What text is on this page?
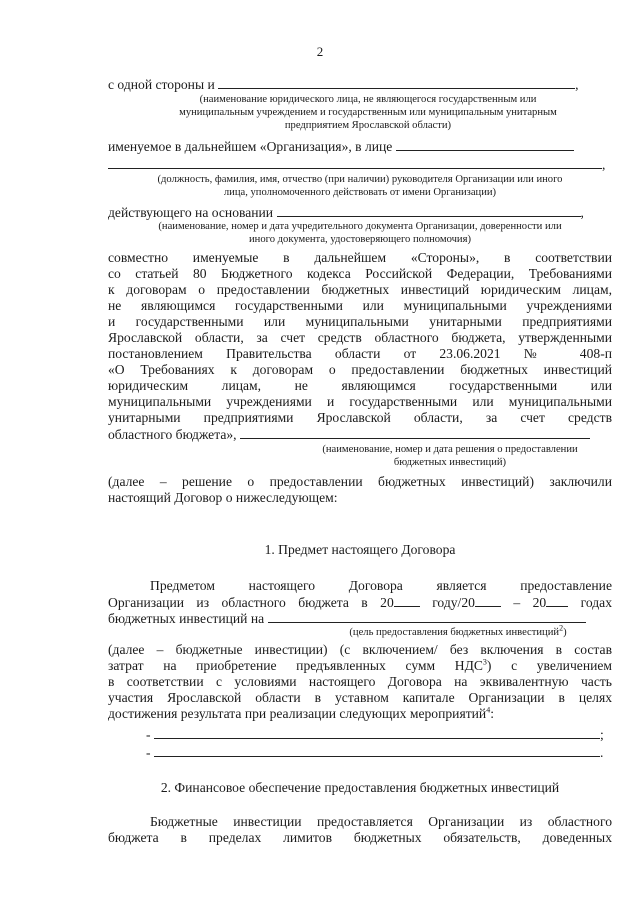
2
с одной стороны и	,
(наименование юридического лица, не являющегося государственным или
муниципальным учреждением и государственным или муниципальным унитарным
предприятием Ярославской области)
именуемое в дальнейшем «Организация», в лице
,
(должность, фамилия, имя, отчество (при наличии) руководителя Организации или иного
лица, уполномоченного действовать от имени Организации)
действующего на основании	,
(наименование, номер и дата учредительного документа Организации, доверенности или
иного документа, удостоверяющего полномочия)
совместно именуемые в дальнейшем «Стороны», в соответствии
со статьей 80 Бюджетного кодекса Российской Федерации, Требованиями
к договорам о предоставлении бюджетных инвестиций юридическим лицам,
не являющимся государственными или муниципальными учреждениями
и государственными или муниципальными унитарными предприятиями
Ярославской области, за счет средств областного бюджета, утвержденными
постановлением Правительства области от 23.06.2021 № 408-п
«О Требованиях к договорам о предоставлении бюджетных инвестиций
юридическим лицам, не являющимся государственными или
муниципальными учреждениями и государственными или муниципальными
унитарными предприятиями Ярославской области, за счет средств
областного бюджета»,
(наименование, номер и дата решения о предоставлении
бюджетных инвестиций)
(далее – решение о предоставлении бюджетных инвестиций) заключили
настоящий Договор о нижеследующем:
1. Предмет настоящего Договора
Предметом настоящего Договора является предоставление
Организации из областного бюджета в 20	году/20	– 20	годах
бюджетных инвестиций на
(цель предоставления бюджетных инвестиций$^2$)
(далее – бюджетные инвестиции) (с включением/ без включения в состав
затрат на приобретение предъявленных сумм НДС$^3$) с увеличением
в соответствии с условиями настоящего Договора на эквивалентную часть
участия Ярославской области в уставном капитале Организации в целях
достижения результата при реализации следующих мероприятий$^4$:
-	;
-	.
2. Финансовое обеспечение предоставления бюджетных инвестиций
Бюджетные инвестиции предоставляется Организации из областного
бюджета в пределах лимитов бюджетных обязательств, доведенных
